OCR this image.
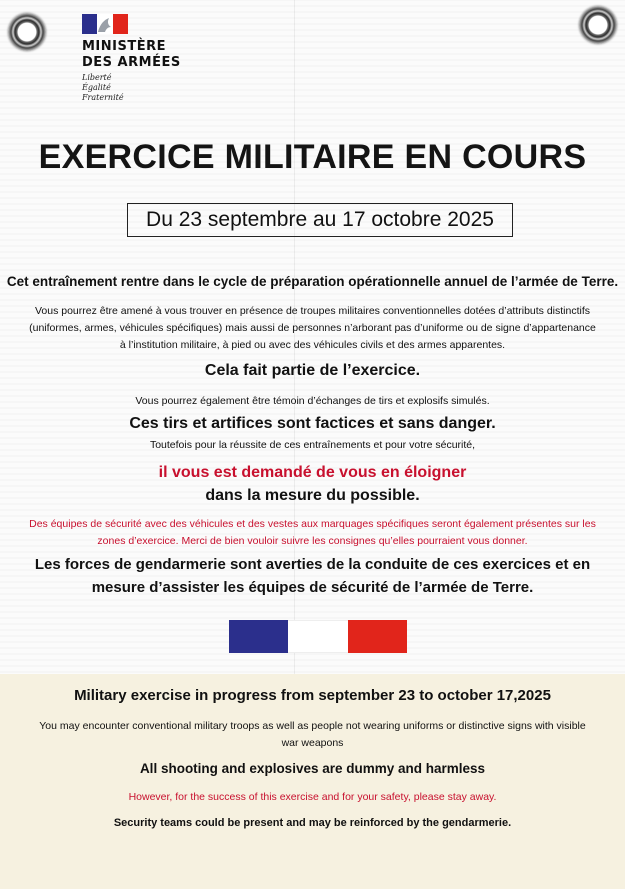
MINISTÈRE
DES ARMÉES
Liberté
Égalité
Fraternité
EXERCICE MILITAIRE EN COURS
Du 23 septembre au 17 octobre 2025
Cet entraînement rentre dans le cycle de préparation opérationnelle annuel de l’armée de Terre.
Vous pourrez être amené à vous trouver en présence de troupes militaires conventionnelles dotées d’attributs distinctifs (uniformes, armes, véhicules spécifiques) mais aussi de personnes n’arborant pas d’uniforme ou de signe d’appartenance à l’institution militaire, à pied ou avec des véhicules civils et des armes apparentes.
Cela fait partie de l’exercice.
Vous pourrez également être témoin d’échanges de tirs et explosifs simulés.
Ces tirs et artifices sont factices et sans danger.
Toutefois pour la réussite de ces entraînements et pour votre sécurité,
il vous est demandé de vous en éloigner
dans la mesure du possible.
Des équipes de sécurité avec des véhicules et des vestes aux marquages spécifiques seront également présentes sur les zones d’exercice. Merci de bien vouloir suivre les consignes qu’elles pourraient vous donner.
Les forces de gendarmerie sont averties de la conduite de ces exercices et en mesure d’assister les équipes de sécurité de l’armée de Terre.
Military exercise in progress from september 23 to october 17,2025
You may encounter conventional military troops as well as people not wearing uniforms or distinctive signs with visible war weapons
All shooting and explosives are dummy and harmless
However, for the success of this exercise and for your safety, please stay away.
Security teams could be present and may be reinforced by the gendarmerie.
